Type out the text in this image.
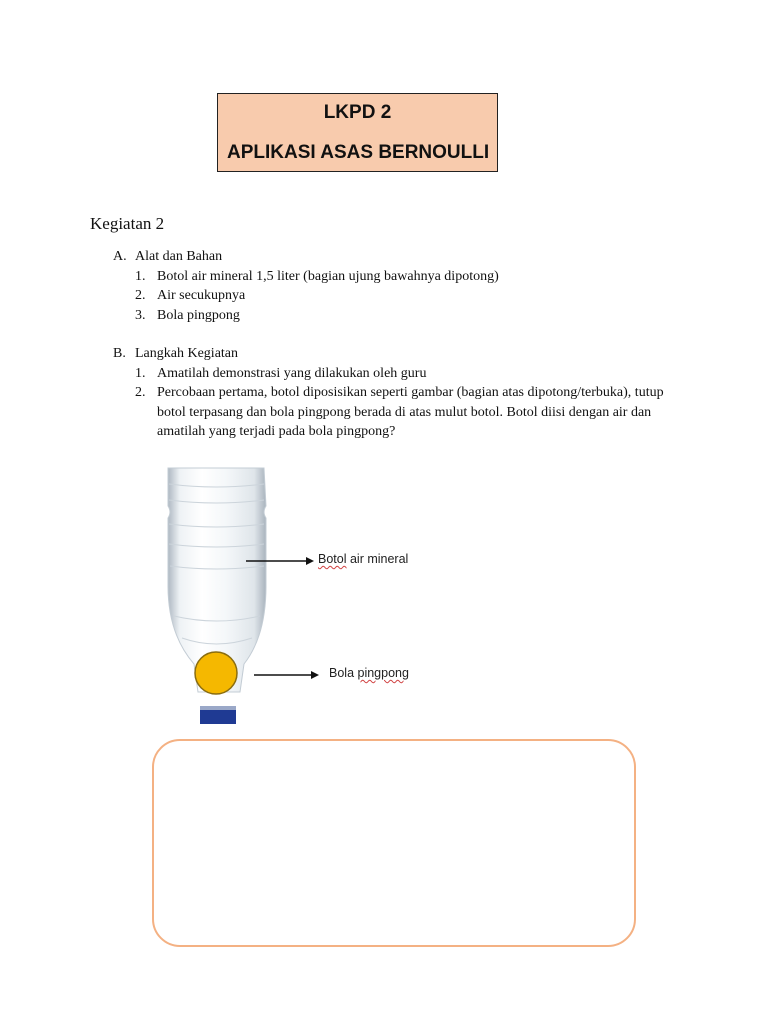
LKPD 2
APLIKASI ASAS BERNOULLI
Kegiatan 2
A. Alat dan Bahan
1. Botol air mineral 1,5 liter (bagian ujung bawahnya dipotong)
2. Air secukupnya
3. Bola pingpong
B. Langkah Kegiatan
1. Amatilah demonstrasi yang dilakukan oleh guru
2. Percobaan pertama, botol diposisikan seperti gambar (bagian atas dipotong/terbuka), tutup botol terpasang dan bola pingpong berada di atas mulut botol. Botol diisi dengan air dan amatilah yang terjadi pada bola pingpong?
Botol air mineral
Bola pingpong
